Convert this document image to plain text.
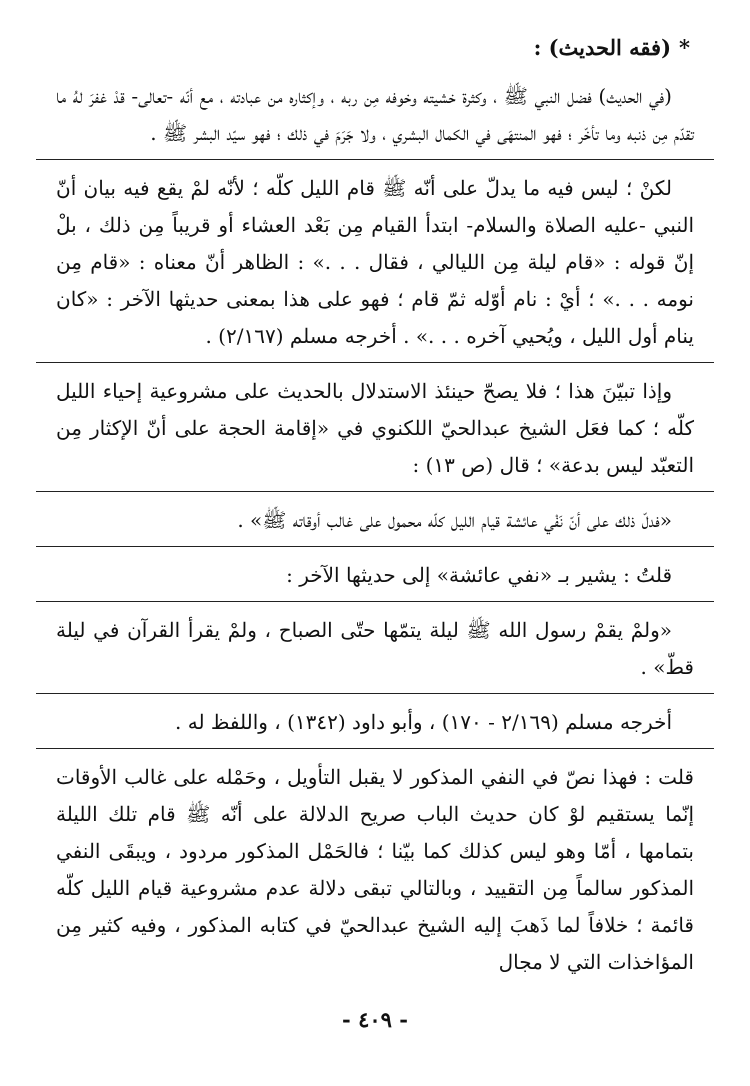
*(فقه الحديث) :

(في الحديث) فضل النبي ﷺ ، وكثرة خشيته وخوفه مِن ربه ، وإكثاره من عبادته ، مع أنّه -تعالى- قدْ غفرَ لهُ ما تقدّم مِن ذنبه وما تأخّر ؛ فهو المنتهَى في الكمال البشري ، ولا جَرَمَ في ذلك ؛ فهو سيّد البشر ﷺ .

لكنْ ؛ ليس فيه ما يدلّ على أنّه ﷺ قام الليل كلّه ؛ لأنّه لمْ يقع فيه بيان أنّ النبي -عليه الصلاة والسلام- ابتدأ القيام مِن بَعْد العشاء أو قريباً مِن ذلك ، بلْ إنّ قوله : «قام ليلة مِن الليالي ، فقال . . .» : الظاهر أنّ معناه : «قام مِن نومه . . .» ؛ أيْ : نام أوّله ثمّ قام ؛ فهو على هذا بمعنى حديثها الآخر : «كان ينام أول الليل ، ويُحيي آخره . . .» . أخرجه مسلم (٢/١٦٧) .

وإذا تبيّنَ هذا ؛ فلا يصحّ حينئذ الاستدلال بالحديث على مشروعية إحياء الليل كلّه ؛ كما فعَل الشيخ عبدالحيّ اللكنوي في «إقامة الحجة على أنّ الإكثار مِن التعبّد ليس بدعة» ؛ قال (ص ١٣) :

«فدلّ ذلك على أنّ نَفْي عائشة قيام الليل كلّه محمول على غالب أوقاته ﷺ» .

قلتُ : يشير بـ «نفي عائشة» إلى حديثها الآخر :

«ولمْ يقمْ رسول الله ﷺ ليلة يتمّها حتّى الصباح ، ولمْ يقرأ القرآن في ليلة قطّ» .

أخرجه مسلم (٢/١٦٩ - ١٧٠) ، وأبو داود (١٣٤٢) ، واللفظ له .

قلت : فهذا نصّ في النفي المذكور لا يقبل التأويل ، وحَمْله على غالب الأوقات إنّما يستقيم لوْ كان حديث الباب صريح الدلالة على أنّه ﷺ قام تلك الليلة بتمامها ، أمّا وهو ليس كذلك كما بيّنا ؛ فالحَمْل المذكور مردود ، ويبقَى النفي المذكور سالماً مِن التقييد ، وبالتالي تبقى دلالة عدم مشروعية قيام الليل كلّه قائمة ؛ خلافاً لما ذَهبَ إليه الشيخ عبدالحيّ في كتابه المذكور ، وفيه كثير مِن المؤاخذات التي لا مجال

- ٤٠٩ -
